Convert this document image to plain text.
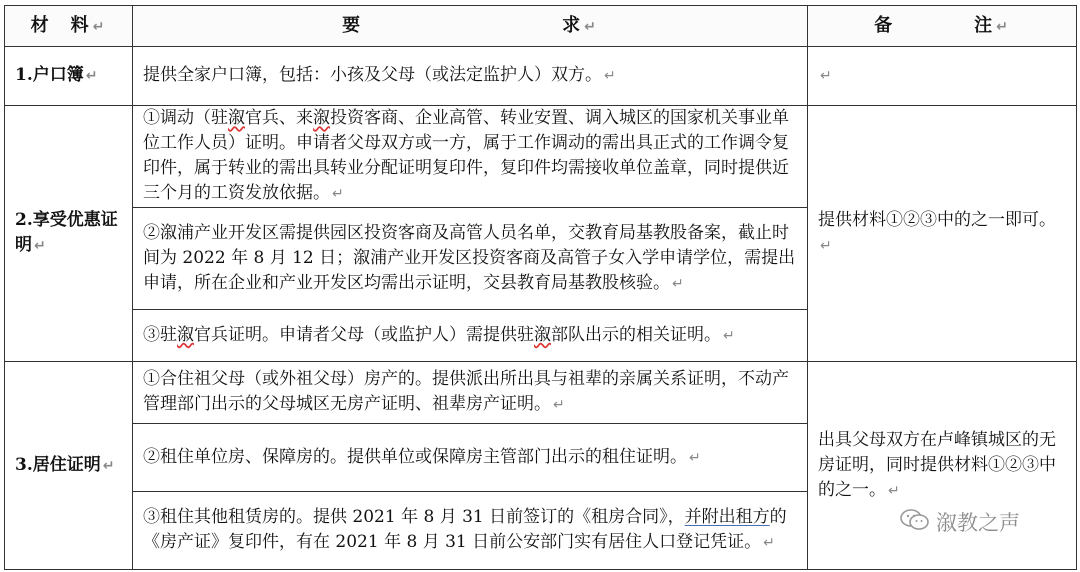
材　料 ↵	要　　　　　　　　　　求 ↵	备　　　　注 ↵
1.户口簿 ↵	提供全家户口簿，包括：小孩及父母（或法定监护人）双方。 ↵	↵
2.享受优惠证明 ↵	①调动（驻溆官兵、来溆投资客商、企业高管、转业安置、调入城区的国家机关事业单位工作人员）证明。申请者父母双方或一方，属于工作调动的需出具正式的工作调令复印件，属于转业的需出具转业分配证明复印件，复印件均需接收单位盖章，同时提供近三个月的工资发放依据。 ↵	提供材料①②③中的之一即可。↵
	②溆浦产业开发区需提供园区投资客商及高管人员名单，交教育局基教股备案，截止时间为 2022 年 8 月 12 日；溆浦产业开发区投资客商及高管子女入学申请学位，需提出申请，所在企业和产业开发区均需出示证明，交县教育局基教股核验。 ↵	
	③驻溆官兵证明。申请者父母（或监护人）需提供驻溆部队出示的相关证明。 ↵	
3.居住证明 ↵	①合住祖父母（或外祖父母）房产的。提供派出所出具与祖辈的亲属关系证明，不动产管理部门出示的父母城区无房产证明、祖辈房产证明。 ↵	出具父母双方在卢峰镇城区的无房证明，同时提供材料①②③中的之一。 ↵
	②租住单位房、保障房的。提供单位或保障房主管部门出示的租住证明。 ↵	
	③租住其他租赁房的。提供 2021 年 8 月 31 日前签订的《租房合同》，并附出租方的《房产证》复印件，有在 2021 年 8 月 31 日前公安部门实有居住人口登记凭证。 ↵	
溆教之声
